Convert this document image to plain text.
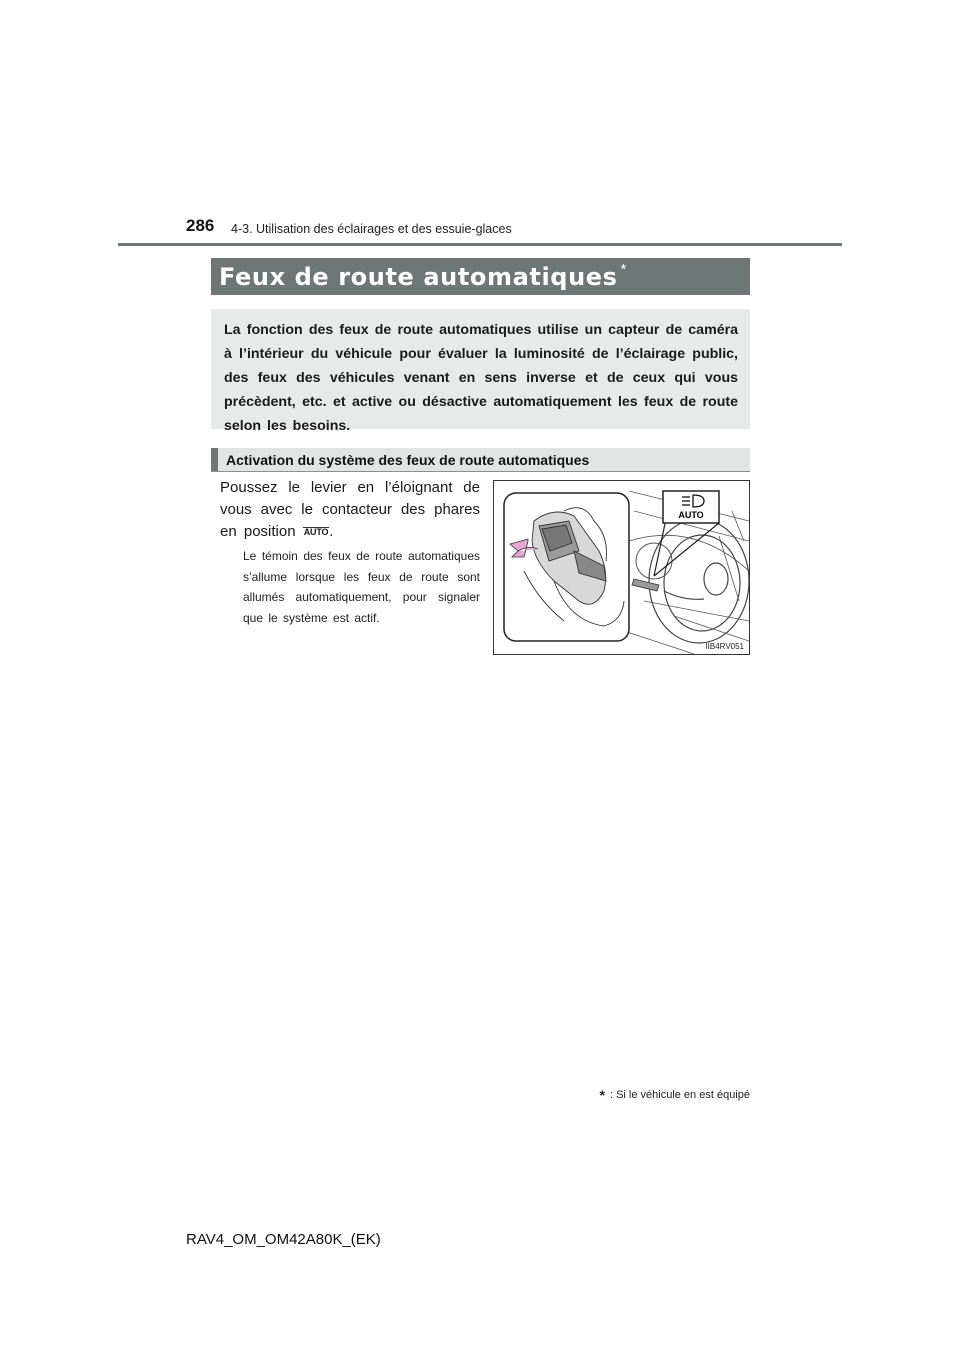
286 4-3. Utilisation des éclairages et des essuie-glaces
Feux de route automatiques *

La fonction des feux de route automatiques utilise un capteur de caméra à l’intérieur du véhicule pour évaluer la luminosité de l’éclairage public, des feux des véhicules venant en sens inverse et de ceux qui vous précèdent, etc. et active ou désactive automatiquement les feux de route selon les besoins.

Activation du système des feux de route automatiques

Poussez le levier en l’éloignant de vous avec le contacteur des phares en position AUTO.

Le témoin des feux de route automatiques s’allume lorsque les feux de route sont allumés automatiquement, pour signaler que le système est actif.

AUTO
IIB4RV051
* : Si le véhicule en est équipé
RAV4_OM_OM42A80K_(EK)
